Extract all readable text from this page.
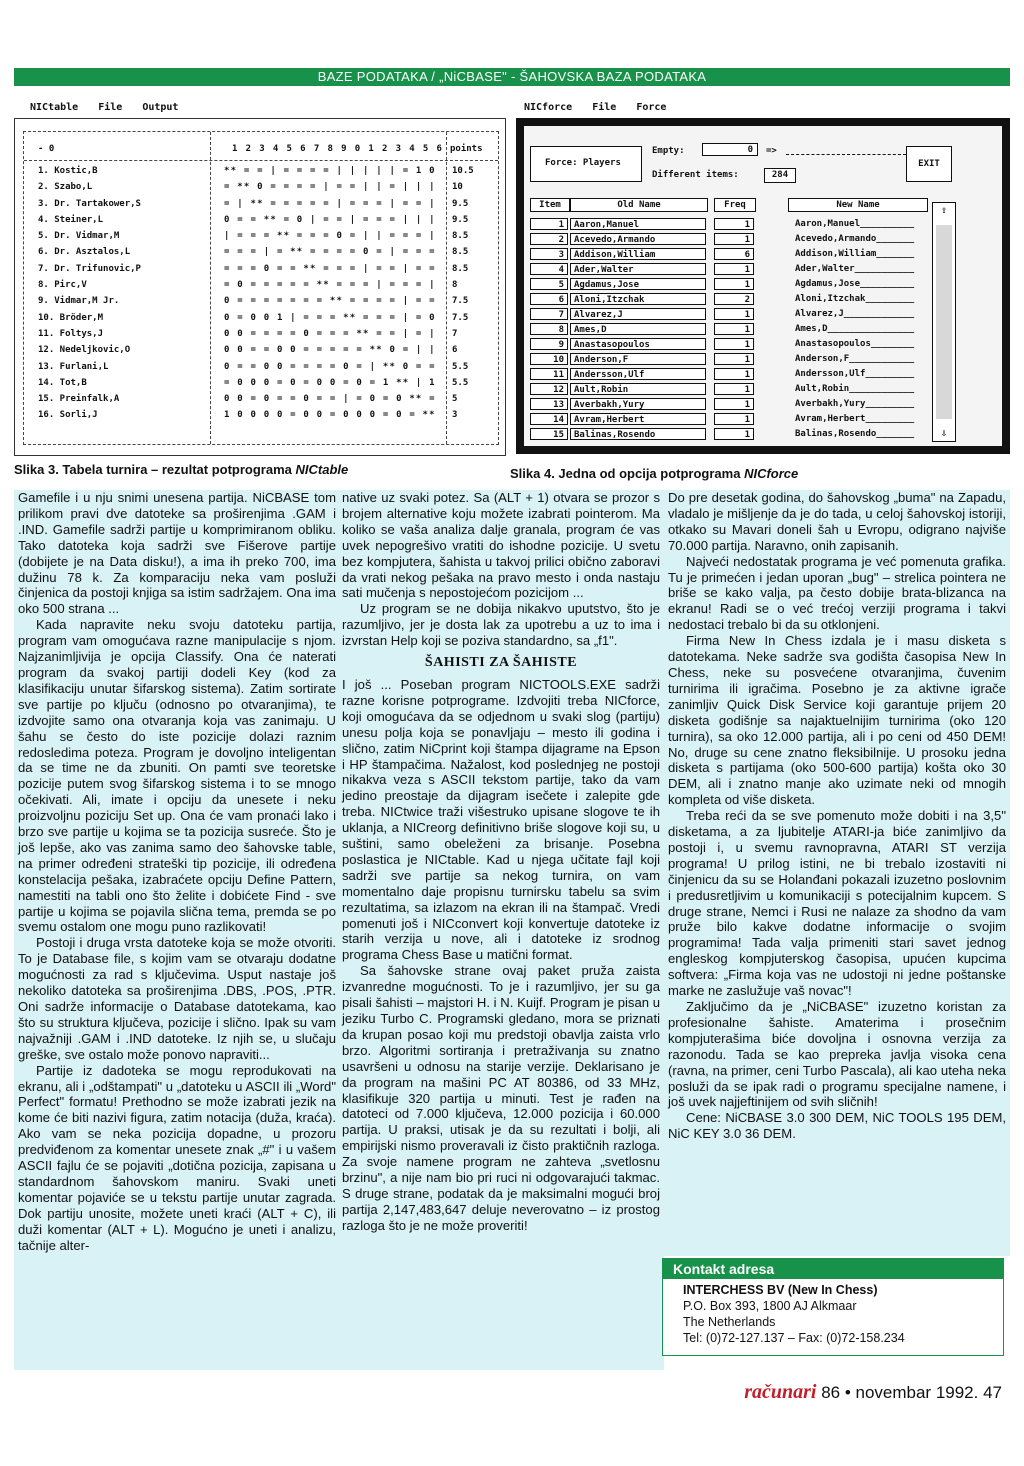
BAZE PODATAKA / „NiCBASE" - ŠAHOVSKA BAZA PODATAKA
NICtable File Output
- 0	1 2 3 4 5 6 7 8 9 0 1 2 3 4 5 6 points
1. Kostic,B	** = = | = = = = | | | | | = 1 0 10.5
2. Szabo,L	= ** 0 = = = = | = = | | = | | | 10
3. Dr. Tartakower,S	= | ** = = = = = | = = = | = = | 9.5
4. Steiner,L	0 = = ** = 0 | = = | = = = | | | 9.5
5. Dr. Vidmar,M	| = = = ** = = = 0 = | | = = = | 8.5
6. Dr. Asztalos,L	= = = | = ** = = = = 0 = | = = = 8.5
7. Dr. Trifunovic,P	= = = 0 = = ** = = = | = = | = = 8.5
8. Pirc,V	= 0 = = = = = ** = = = | = = = | 8
9. Vidmar,M Jr.	0 = = = = = = = ** = = = = | = = 7.5
10. Bröder,M	0 = 0 0 1 | = = = ** = = = | = 0 7.5
11. Foltys,J	0 0 = = = = 0 = = = ** = = | = | 7
12. Nedeljkovic,O	0 0 = = 0 0 = = = = = ** 0 = | | 6
13. Furlani,L	0 = = 0 0 = = = = 0 = | ** 0 = = 5.5
14. Tot,B	= 0 0 0 = 0 = 0 0 = 0 = 1 ** | 1 5.5
15. Preinfalk,A	0 0 = 0 = = 0 = = | = 0 = 0 ** = 5
16. Sorli,J	1 0 0 0 0 = 0 0 = 0 0 0 = 0 = ** 3
Slika 3. Tabela turnira – rezultat potprograma NICtable
NICforce File Force
Force: Players
Empty:	0	=>
Different items:	284
EXIT
Item	Old Name	Freq	New Name
1	Aaron,Manuel	1	Aaron,Manuel__________
2	Acevedo,Armando	1	Acevedo,Armando_______
3	Addison,William	6	Addison,William_______
4	Ader,Walter	1	Ader,Walter___________
5	Agdamus,Jose	1	Agdamus,Jose__________
6	Aloni,Itzchak	2	Aloni,Itzchak_________
7	Alvarez,J	1	Alvarez,J_____________
8	Ames,D	1	Ames,D________________
9	Anastasopoulos	1	Anastasopoulos________
10	Anderson,F	1	Anderson,F____________
11	Andersson,Ulf	1	Andersson,Ulf_________
12	Ault,Robin	1	Ault,Robin____________
13	Averbakh,Yury	1	Averbakh,Yury_________
14	Avram,Herbert	1	Avram,Herbert_________
15	Balinas,Rosendo	1	Balinas,Rosendo_______
⇧
⇩
Slika 4. Jedna od opcija potprograma NICforce

Gamefile i u nju snimi unesena partija. NiCBASE tom prilikom pravi dve datoteke sa proširenjima .GAM i .IND. Gamefile sadrži partije u komprimiranom obliku. Tako datoteka koja sadrži sve Fišerove partije (dobijete je na Data disku!), a ima ih preko 700, ima dužinu 78 k. Za komparaciju neka vam posluži činjenica da postoji knjiga sa istim sadržajem. Ona ima oko 500 strana ...

Kada napravite neku svoju datoteku partija, program vam omogućava razne manipulacije s njom. Najzanimljivija je opcija Classify. Ona će naterati program da svakoj partiji dodeli Key (kod za klasifikaciju unutar šifarskog sistema). Zatim sortirate sve partije po ključu (odnosno po otvaranjima), te izdvojite samo ona otvaranja koja vas zanimaju. U šahu se često do iste pozicije dolazi raznim redosledima poteza. Program je dovoljno inteligentan da se time ne da zbuniti. On pamti sve teoretske pozicije putem svog šifarskog sistema i to se mnogo očekivati. Ali, imate i opciju da unesete i neku proizvoljnu poziciju Set up. Ona će vam pronaći lako i brzo sve partije u kojima se ta pozicija susreće. Što je još lepše, ako vas zanima samo deo šahovske table, na primer određeni strateški tip pozicije, ili određena konstelacija pešaka, izabraćete opciju Define Pattern, namestiti na tabli ono što želite i dobićete Find - sve partije u kojima se pojavila slična tema, premda se po svemu ostalom one mogu puno razlikovati!

Postoji i druga vrsta datoteke koja se može otvoriti. To je Database file, s kojim vam se otvaraju dodatne mogućnosti za rad s ključevima. Usput nastaje još nekoliko datoteka sa proširenjima .DBS, .POS, .PTR. Oni sadrže informacije o Database datotekama, kao što su struktura ključeva, pozicije i slično. Ipak su vam najvažniji .GAM i .IND datoteke. Iz njih se, u slučaju greške, sve ostalo može ponovo napraviti...

Partije iz dadoteka se mogu reprodukovati na ekranu, ali i „odštampati" u „datoteku u ASCII ili „Word" Perfect" formatu! Prethodno se može izabrati jezik na kome će biti nazivi figura, zatim notacija (duža, kraća). Ako vam se neka pozicija dopadne, u prozoru predviđenom za komentar unesete znak „#" i u vašem ASCII fajlu će se pojaviti „dotična pozicija, zapisana u standardnom šahovskom maniru. Svaki uneti komentar pojaviće se u tekstu partije unutar zagrada. Dok partiju unosite, možete uneti kraći (ALT + C), ili duži komentar (ALT + L). Mogućno je uneti i analizu, tačnije alter-

native uz svaki potez. Sa (ALT + 1) otvara se prozor s brojem alternative koju možete izabrati pointerom. Ma koliko se vaša analiza dalje granala, program će vas uvek nepogrešivo vratiti do ishodne pozicije. U svetu bez kompjutera, šahista u takvoj prilici obično zaboravi da vrati nekog pešaka na pravo mesto i onda nastaju sati mučenja s nepostojećom pozicijom ...

Uz program se ne dobija nikakvo uputstvo, što je razumljivo, jer je dosta lak za upotrebu a uz to ima i izvrstan Help koji se poziva standardno, sa „f1".

ŠAHISTI ZA ŠAHISTE

I još ... Poseban program NICTOOLS.EXE sadrži razne korisne potprograme. Izdvojiti treba NICforce, koji omogućava da se odjednom u svaki slog (partiju) unesu polja koja se ponavljaju – mesto ili godina i slično, zatim NiCprint koji štampa dijagrame na Epson i HP štampačima. Nažalost, kod poslednjeg ne postoji nikakva veza s ASCII tekstom partije, tako da vam jedino preostaje da dijagram isečete i zalepite gde treba. NICtwice traži višestruko upisane slogove te ih uklanja, a NICreorg definitivno briše slogove koji su, u suštini, samo obeleženi za brisanje. Posebna poslastica je NICtable. Kad u njega učitate fajl koji sadrži sve partije sa nekog turnira, on vam momentalno daje propisnu turnirsku tabelu sa svim rezultatima, sa izlazom na ekran ili na štampač. Vredi pomenuti još i NICconvert koji konvertuje datoteke iz starih verzija u nove, ali i datoteke iz srodnog programa Chess Base u matični format.

Sa šahovske strane ovaj paket pruža zaista izvanredne mogućnosti. To je i razumljivo, jer su ga pisali šahisti – majstori H. i N. Kuijf. Program je pisan u jeziku Turbo C. Programski gledano, mora se priznati da krupan posao koji mu predstoji obavlja zaista vrlo brzo. Algoritmi sortiranja i pretraživanja su znatno usavršeni u odnosu na starije verzije. Deklarisano je da program na mašini PC AT 80386, od 33 MHz, klasifikuje 320 partija u minuti. Test je rađen na datoteci od 7.000 ključeva, 12.000 pozicija i 60.000 partija. U praksi, utisak je da su rezultati i bolji, ali empirijski nismo proveravali iz čisto praktičnih razloga. Za svoje namene program ne zahteva „svetlosnu brzinu", a nije nam bio pri ruci ni odgovarajući takmac. S druge strane, podatak da je maksimalni mogući broj partija 2,147,483,647 deluje neverovatno – iz prostog razloga što je ne može proveriti!

Do pre desetak godina, do šahovskog „buma" na Zapadu, vladalo je mišljenje da je do tada, u celoj šahovskoj istoriji, otkako su Mavari doneli šah u Evropu, odigrano najviše 70.000 partija. Naravno, onih zapisanih.

Najveći nedostatak programa je već pomenuta grafika. Tu je primećen i jedan uporan „bug" – strelica pointera ne briše se kako valja, pa često dobije brata-blizanca na ekranu! Radi se o već trećoj verziji programa i takvi nedostaci trebalo bi da su otklonjeni.

Firma New In Chess izdala je i masu disketa s datotekama. Neke sadrže sva godišta časopisa New In Chess, neke su posvećene otvaranjima, čuvenim turnirima ili igračima. Posebno je za aktivne igrače zanimljiv Quick Disk Service koji garantuje prijem 20 disketa godišnje sa najaktuelnijim turnirima (oko 120 turnira), sa oko 12.000 partija, ali i po ceni od 450 DEM! No, druge su cene znatno fleksibilnije. U prosoku jedna disketa s partijama (oko 500-600 partija) košta oko 30 DEM, ali i znatno manje ako uzimate neki od mnogih kompleta od više disketa.

Treba reći da se sve pomenuto može dobiti i na 3,5" disketama, a za ljubitelje ATARI-ja biće zanimljivo da postoji i, u svemu ravnopravna, ATARI ST verzija programa! U prilog istini, ne bi trebalo izostaviti ni činjenicu da su se Holanđani pokazali izuzetno poslovnim i predusretljivim u komunikaciji s potecijalnim kupcem. S druge strane, Nemci i Rusi ne nalaze za shodno da vam pruže bilo kakve dodatne informacije o svojim programima! Tada valja primeniti stari savet jednog engleskog kompjuterskog časopisa, upućen kupcima softvera: „Firma koja vas ne udostoji ni jedne poštanske marke ne zaslužuje vaš novac"!

Zaključimo da je „NiCBASE" izuzetno koristan za profesionalne šahiste. Amaterima i prosečnim kompjuterašima biće dovoljna i osnovna verzija za razonodu. Tada se kao prepreka javlja visoka cena (ravna, na primer, ceni Turbo Pascala), ali kao uteha neka posluži da se ipak radi o programu specijalne namene, i još uvek najjeftinijem od svih sličnih!

Cene: NiCBASE 3.0 300 DEM, NiC TOOLS 195 DEM, NiC KEY 3.0 36 DEM.

Kontakt adresa
INTERCHESS BV (New In Chess)
P.O. Box 393, 1800 AJ Alkmaar
The Netherlands
Tel: (0)72-127.137 – Fax: (0)72-158.234
računari 86 • novembar 1992. 47
